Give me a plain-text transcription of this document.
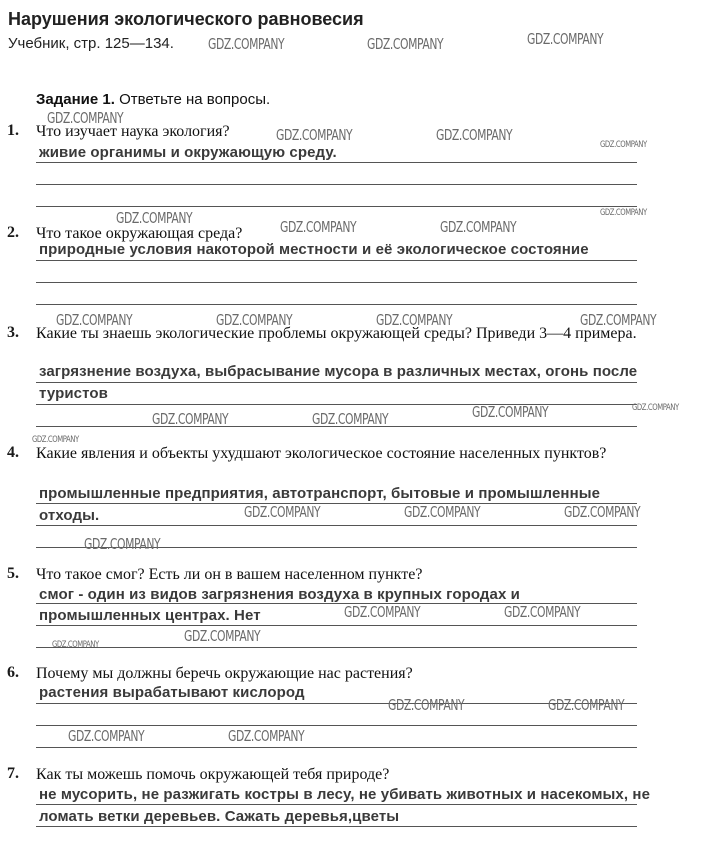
Нарушения экологического равновесия
Учебник, стр. 125—134.
Задание 1. Ответьте на вопросы.
1. Что изучает наука экология?
живие органимы и окружающую среду.
2. Что такое окружающая среда?
природные условия накоторой местности и её экологическое состояние
3. Какие ты знаешь экологические проблемы окружающей среды? Приведи 3—4 примера.
загрязнение воздуха, выбрасывание мусора в различных местах, огонь после
туристов
4. Какие явления и объекты ухудшают экологическое состояние населенных пунктов?
промышленные предприятия, автотранспорт, бытовые и промышленные
отходы.
5. Что такое смог? Есть ли он в вашем населенном пункте?
смог - один из видов загрязнения воздуха в крупных городах и
промышленных центрах. Нет
6. Почему мы должны беречь окружающие нас растения?
растения вырабатывают кислород
7. Как ты можешь помочь окружающей тебя природе?
не мусорить, не разжигать костры в лесу, не убивать животных и насекомых, не
ломать ветки деревьев. Сажать деревья,цветы
GDZ.COMPANY	GDZ.COMPANY	GDZ.COMPANY
GDZ.COMPANY
GDZ.COMPANY	GDZ.COMPANY
GDZ.COMPANY
GDZ.COMPANY
GDZ.COMPANY	GDZ.COMPANY	GDZ.COMPANY
GDZ.COMPANY	GDZ.COMPANY	GDZ.COMPANY	GDZ.COMPANY
GDZ.COMPANY	GDZ.COMPANY	GDZ.COMPANY	GDZ.COMPANY
GDZ.COMPANY
GDZ.COMPANY	GDZ.COMPANY	GDZ.COMPANY
GDZ.COMPANY
GDZ.COMPANY	GDZ.COMPANY
GDZ.COMPANY	GDZ.COMPANY
GDZ.COMPANY	GDZ.COMPANY
GDZ.COMPANY	GDZ.COMPANY
